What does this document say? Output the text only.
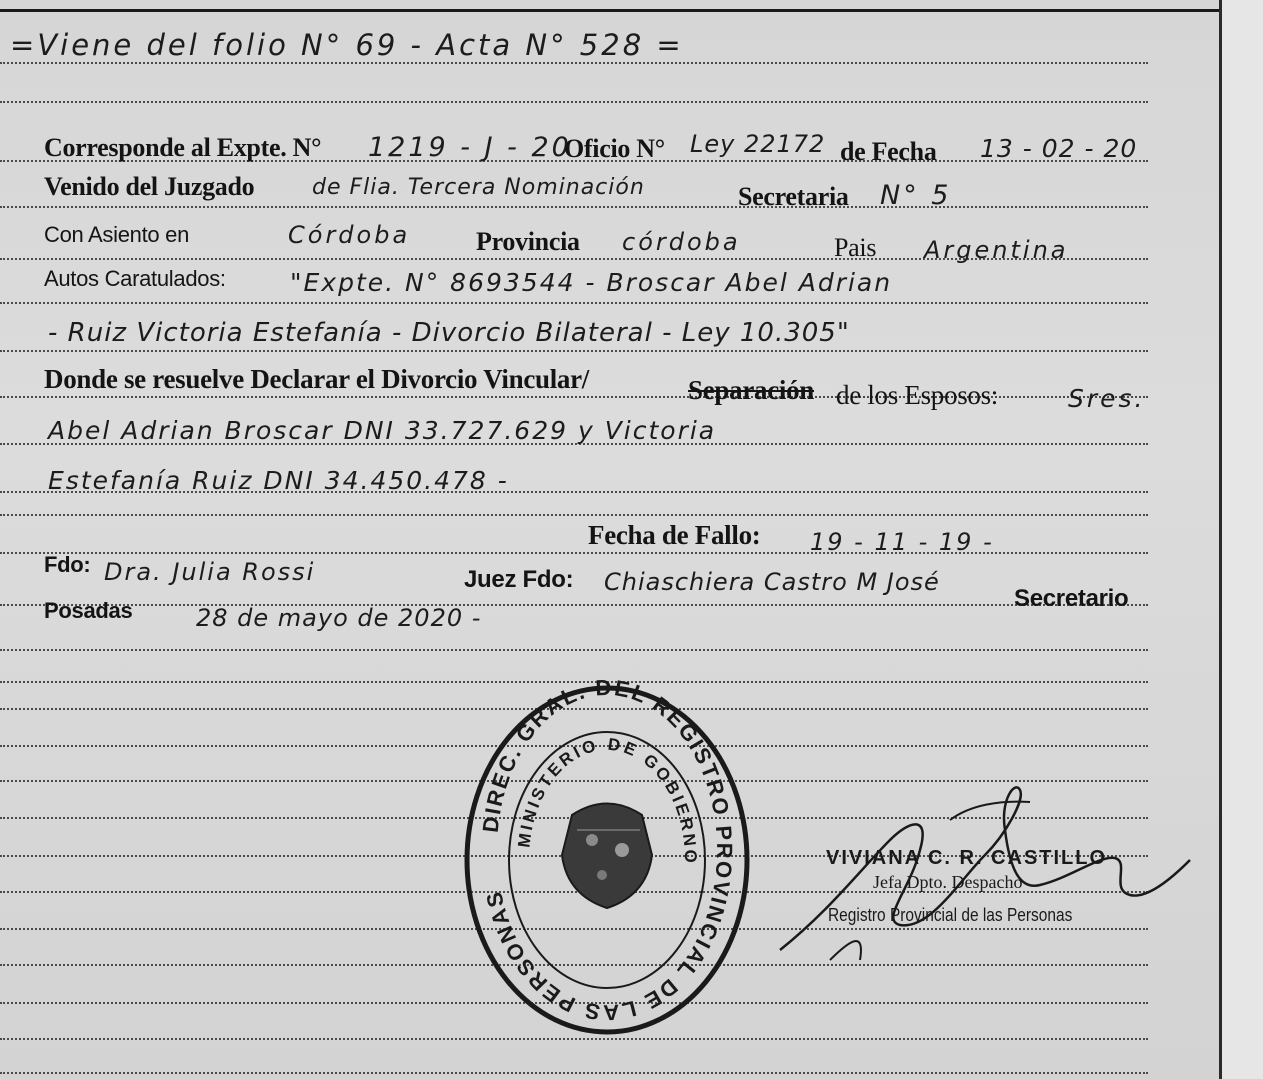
=Viene del folio N° 69 - Acta N° 528 =
Corresponde al Expte. N° 1219 - J - 20
Oficio N° Ley 22172 de Fecha 13 - 02 - 20
Venido del Juzgado	de Flia. Tercera Nominación	Secretaria N° 5
Con Asiento en	Córdoba	Provincia córdoba	Pais Argentina
Autos Caratulados:	"Expte. N° 8693544 - Broscar Abel Adrian
- Ruiz Victoria Estefanía - Divorcio Bilateral - Ley 10.305"
Donde se resuelve Declarar el Divorcio Vincular/	Separación de los Esposos:	Sres.
Abel Adrian Broscar DNI 33.727.629 y Victoria
Estefanía Ruiz DNI 34.450.478 -
Fecha de Fallo: 19 - 11 - 19 -
Fdo: Dra. Julia Rossi	Juez Fdo: Chiaschiera Castro M José
Secretario
Posadas	28 de mayo de 2020 -
DIREC. GRAL. DEL REGISTRO PROVINCIAL DE LAS PERSONAS
MINISTERIO DE GOBIERNO	VIVIANA C. R. CASTILLO
Jefa Dpto. Despacho
Registro Provincial de las Personas
